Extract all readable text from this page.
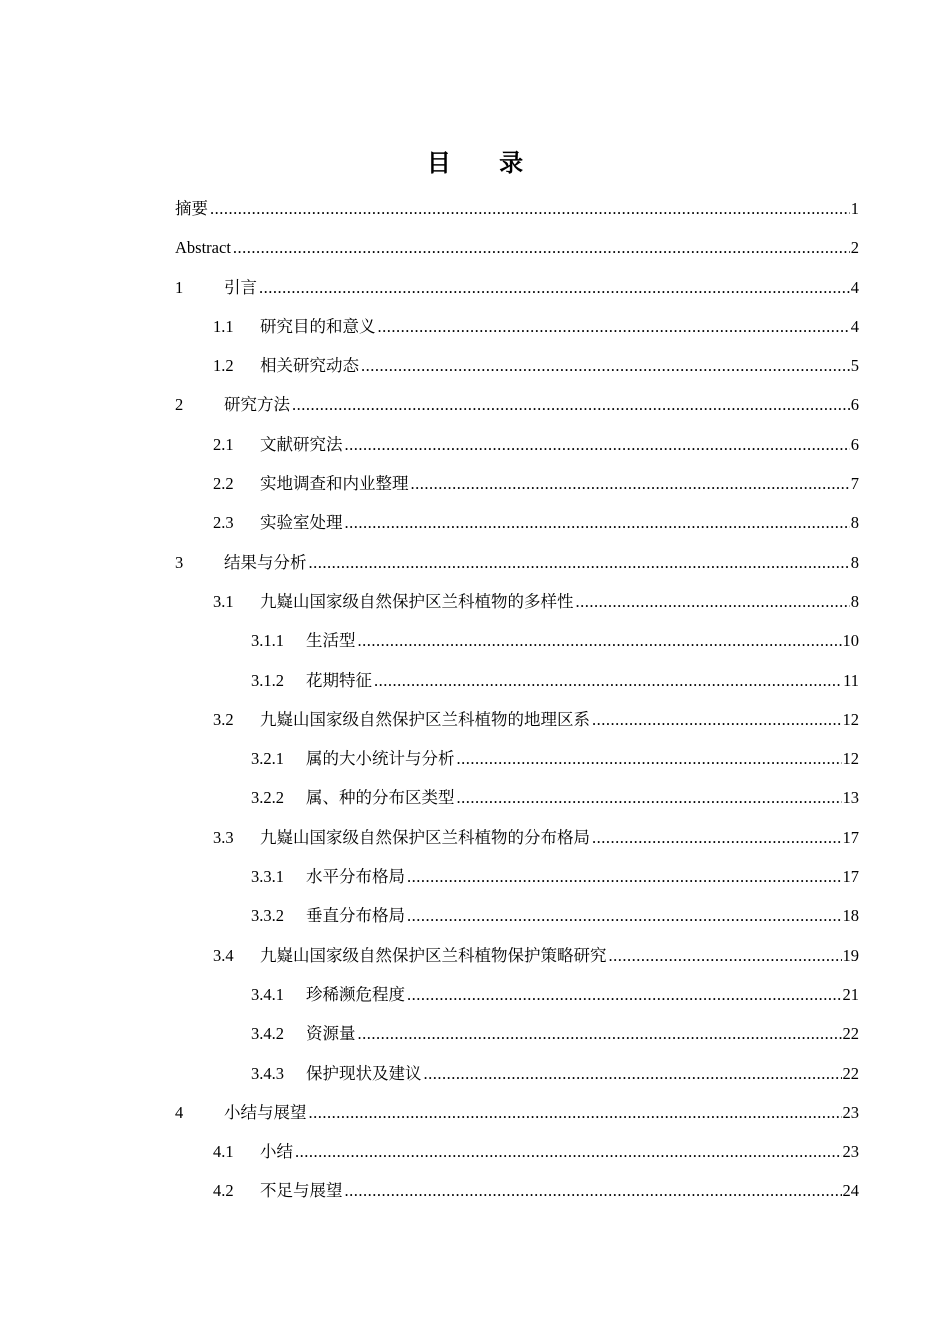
目 录
摘要 .....	1
Abstract .....	2
1	引言 .....	4
1.1	研究目的和意义 .....	4
1.2	相关研究动态 .....	5
2	研究方法 .....	6
2.1	文献研究法 .....	6
2.2	实地调查和内业整理 .....	7
2.3	实验室处理 .....	8
3	结果与分析 .....	8
3.1	九嶷山国家级自然保护区兰科植物的多样性 .....	8
3.1.1	生活型 .....	10
3.1.2	花期特征 .....	11
3.2	九嶷山国家级自然保护区兰科植物的地理区系 .....	12
3.2.1	属的大小统计与分析 .....	12
3.2.2	属、种的分布区类型 .....	13
3.3	九嶷山国家级自然保护区兰科植物的分布格局 .....	17
3.3.1	水平分布格局 .....	17
3.3.2	垂直分布格局 .....	18
3.4	九嶷山国家级自然保护区兰科植物保护策略研究 .....	19
3.4.1	珍稀濒危程度 .....	21
3.4.2	资源量 .....	22
3.4.3	保护现状及建议 .....	22
4	小结与展望 .....	23
4.1	小结 .....	23
4.2	不足与展望 .....	24
